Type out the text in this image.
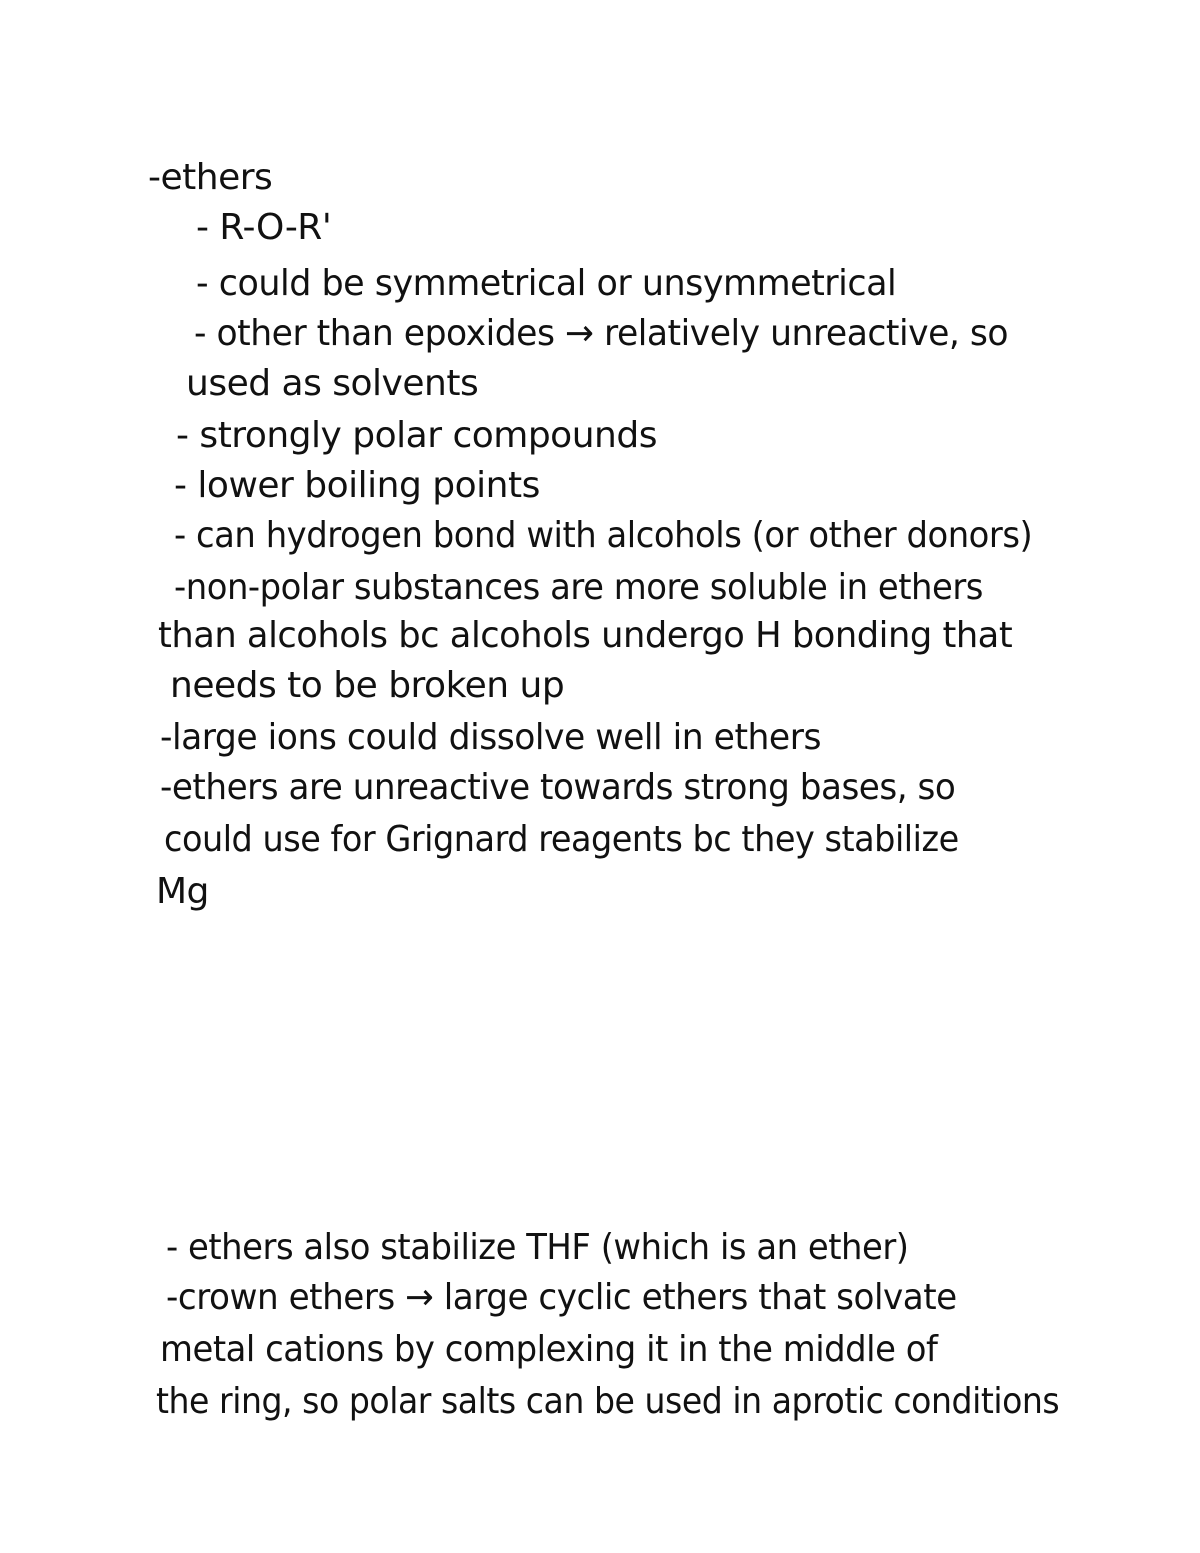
-ethers
- R-O-R'
- could be symmetrical or unsymmetrical
- other than epoxides → relatively unreactive, so
used as solvents
- strongly polar compounds
- lower boiling points
- can hydrogen bond with alcohols (or other donors)
-non-polar substances are more soluble in ethers
than alcohols bc alcohols undergo H bonding that
needs to be broken up
-large ions could dissolve well in ethers
-ethers are unreactive towards strong bases, so
could use for Grignard reagents bc they stabilize
Mg
- ethers also stabilize THF (which is an ether)
-crown ethers → large cyclic ethers that solvate
metal cations by complexing it in the middle of
the ring, so polar salts can be used in aprotic conditions
